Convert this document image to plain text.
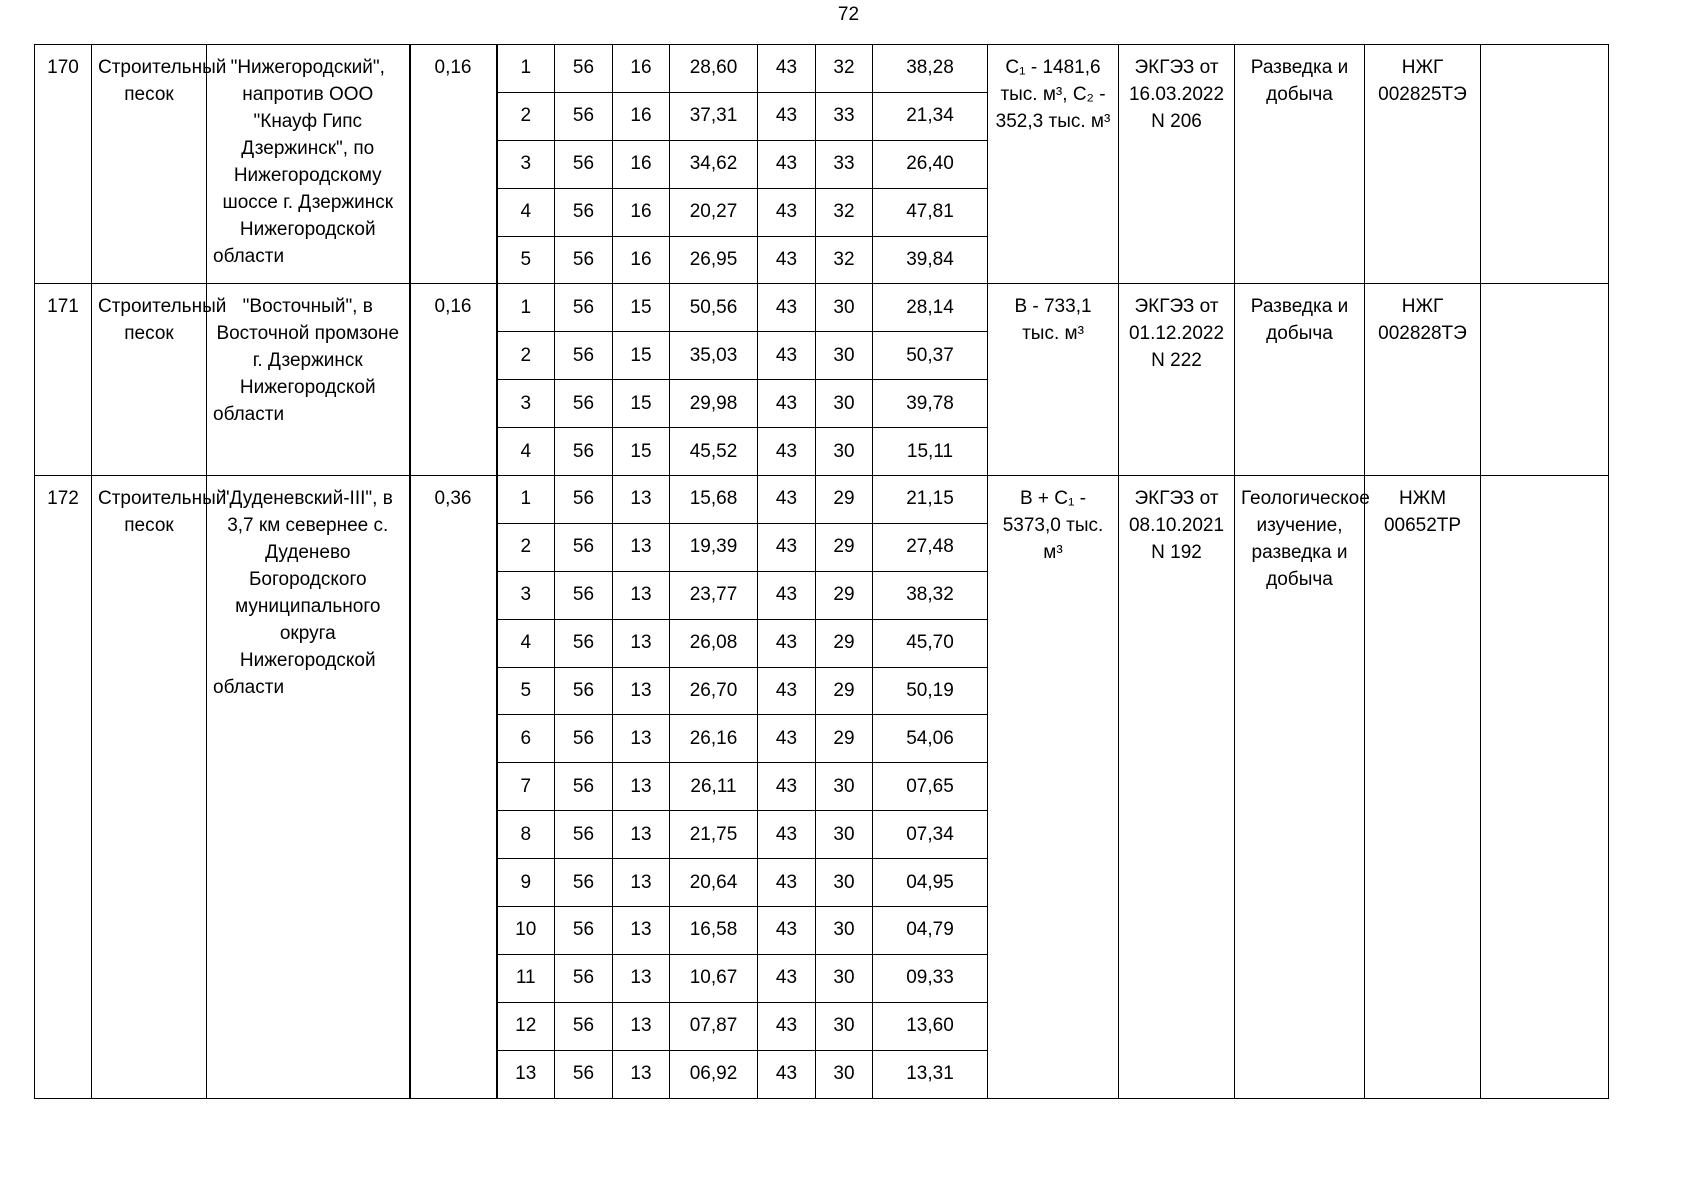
72
170	Строительный песок	"Нижегородский", напротив ООО "Кнауф Гипс Дзержинск", по Нижегородскому шоссе г. Дзержинск Нижегородской области	0,16	1	56	16	28,60	43	32	38,28	C₁ - 1481,6 тыс. м³, C₂ - 352,3 тыс. м³	ЭКГЭЗ от 16.03.2022 N 206	Разведка и добыча	НЖГ 002825ТЭ	
				2	56	16	37,31	43	33	21,34					
				3	56	16	34,62	43	33	26,40					
				4	56	16	20,27	43	32	47,81					
				5	56	16	26,95	43	32	39,84					
171	Строительный песок	"Восточный", в Восточной промзоне г. Дзержинск Нижегородской области	0,16	1	56	15	50,56	43	30	28,14	B - 733,1 тыс. м³	ЭКГЭЗ от 01.12.2022 N 222	Разведка и добыча	НЖГ 002828ТЭ	
				2	56	15	35,03	43	30	50,37					
				3	56	15	29,98	43	30	39,78					
				4	56	15	45,52	43	30	15,11					
172	Строительный песок	"Дуденевский-III", в 3,7 км севернее с. Дуденево Богородского муниципального округа Нижегородской области	0,36	1	56	13	15,68	43	29	21,15	B + C₁ - 5373,0 тыс. м³	ЭКГЭЗ от 08.10.2021 N 192	Геологическое изучение, разведка и добыча	НЖМ 00652ТР	
				2	56	13	19,39	43	29	27,48					
				3	56	13	23,77	43	29	38,32					
				4	56	13	26,08	43	29	45,70					
				5	56	13	26,70	43	29	50,19					
				6	56	13	26,16	43	29	54,06					
				7	56	13	26,11	43	30	07,65					
				8	56	13	21,75	43	30	07,34					
				9	56	13	20,64	43	30	04,95					
				10	56	13	16,58	43	30	04,79					
				11	56	13	10,67	43	30	09,33					
				12	56	13	07,87	43	30	13,60					
				13	56	13	06,92	43	30	13,31					
